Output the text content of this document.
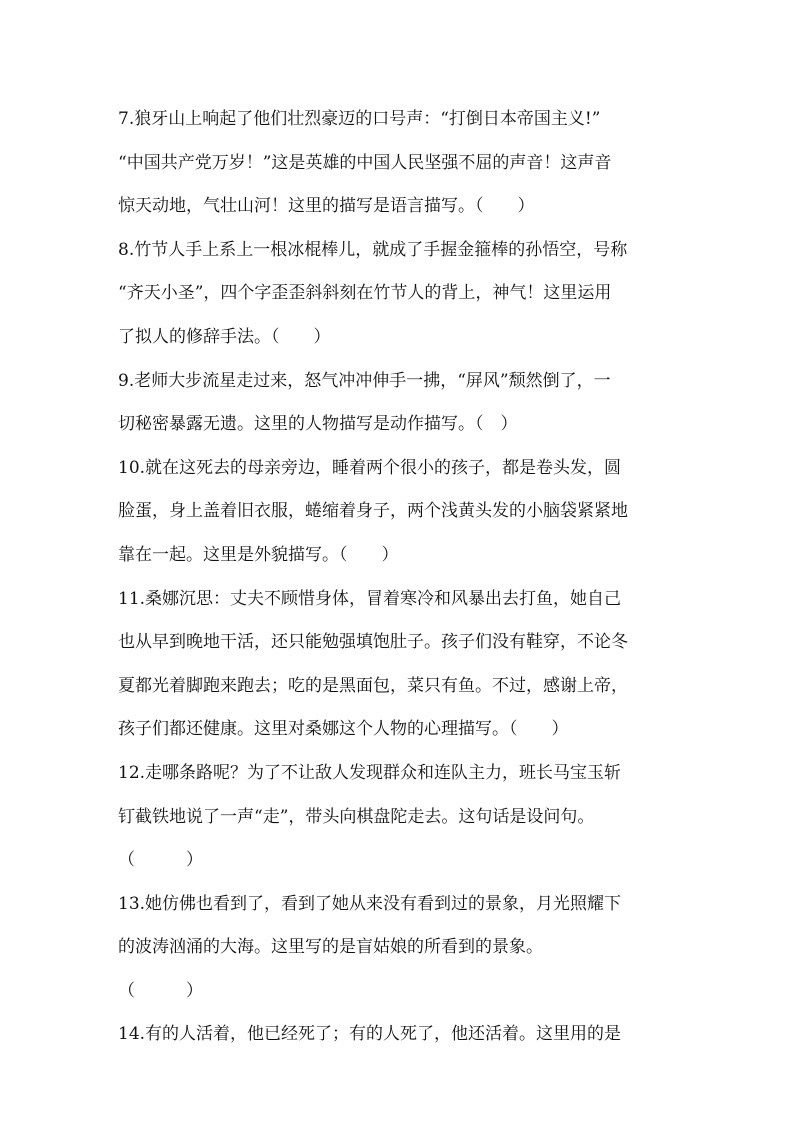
7.狼牙山上响起了他们壮烈豪迈的口号声：“打倒日本帝国主义!”
“中国共产党万岁！”这是英雄的中国人民坚强不屈的声音！这声音
惊天动地，气壮山河！这里的描写是语言描写。（　　）
8.竹节人手上系上一根冰棍棒儿，就成了手握金箍棒的孙悟空，号称
“齐天小圣”，四个字歪歪斜斜刻在竹节人的背上，神气！这里运用
了拟人的修辞手法。（　　）
9.老师大步流星走过来，怒气冲冲伸手一拂，“屏风”颓然倒了，一
切秘密暴露无遗。这里的人物描写是动作描写。（　）
10.就在这死去的母亲旁边，睡着两个很小的孩子，都是卷头发，圆
脸蛋，身上盖着旧衣服，蜷缩着身子，两个浅黄头发的小脑袋紧紧地
靠在一起。这里是外貌描写。（　　）
11.桑娜沉思：丈夫不顾惜身体，冒着寒冷和风暴出去打鱼，她自己
也从早到晚地干活，还只能勉强填饱肚子。孩子们没有鞋穿，不论冬
夏都光着脚跑来跑去；吃的是黑面包，菜只有鱼。不过，感谢上帝，
孩子们都还健康。这里对桑娜这个人物的心理描写。（　　）
12.走哪条路呢？为了不让敌人发现群众和连队主力，班长马宝玉斩
钉截铁地说了一声“走”，带头向棋盘陀走去。这句话是设问句。
（　　　）
13.她仿佛也看到了，看到了她从来没有看到过的景象，月光照耀下
的波涛汹涌的大海。这里写的是盲姑娘的所看到的景象。
（　　　）
14.有的人活着，他已经死了；有的人死了，他还活着。这里用的是
